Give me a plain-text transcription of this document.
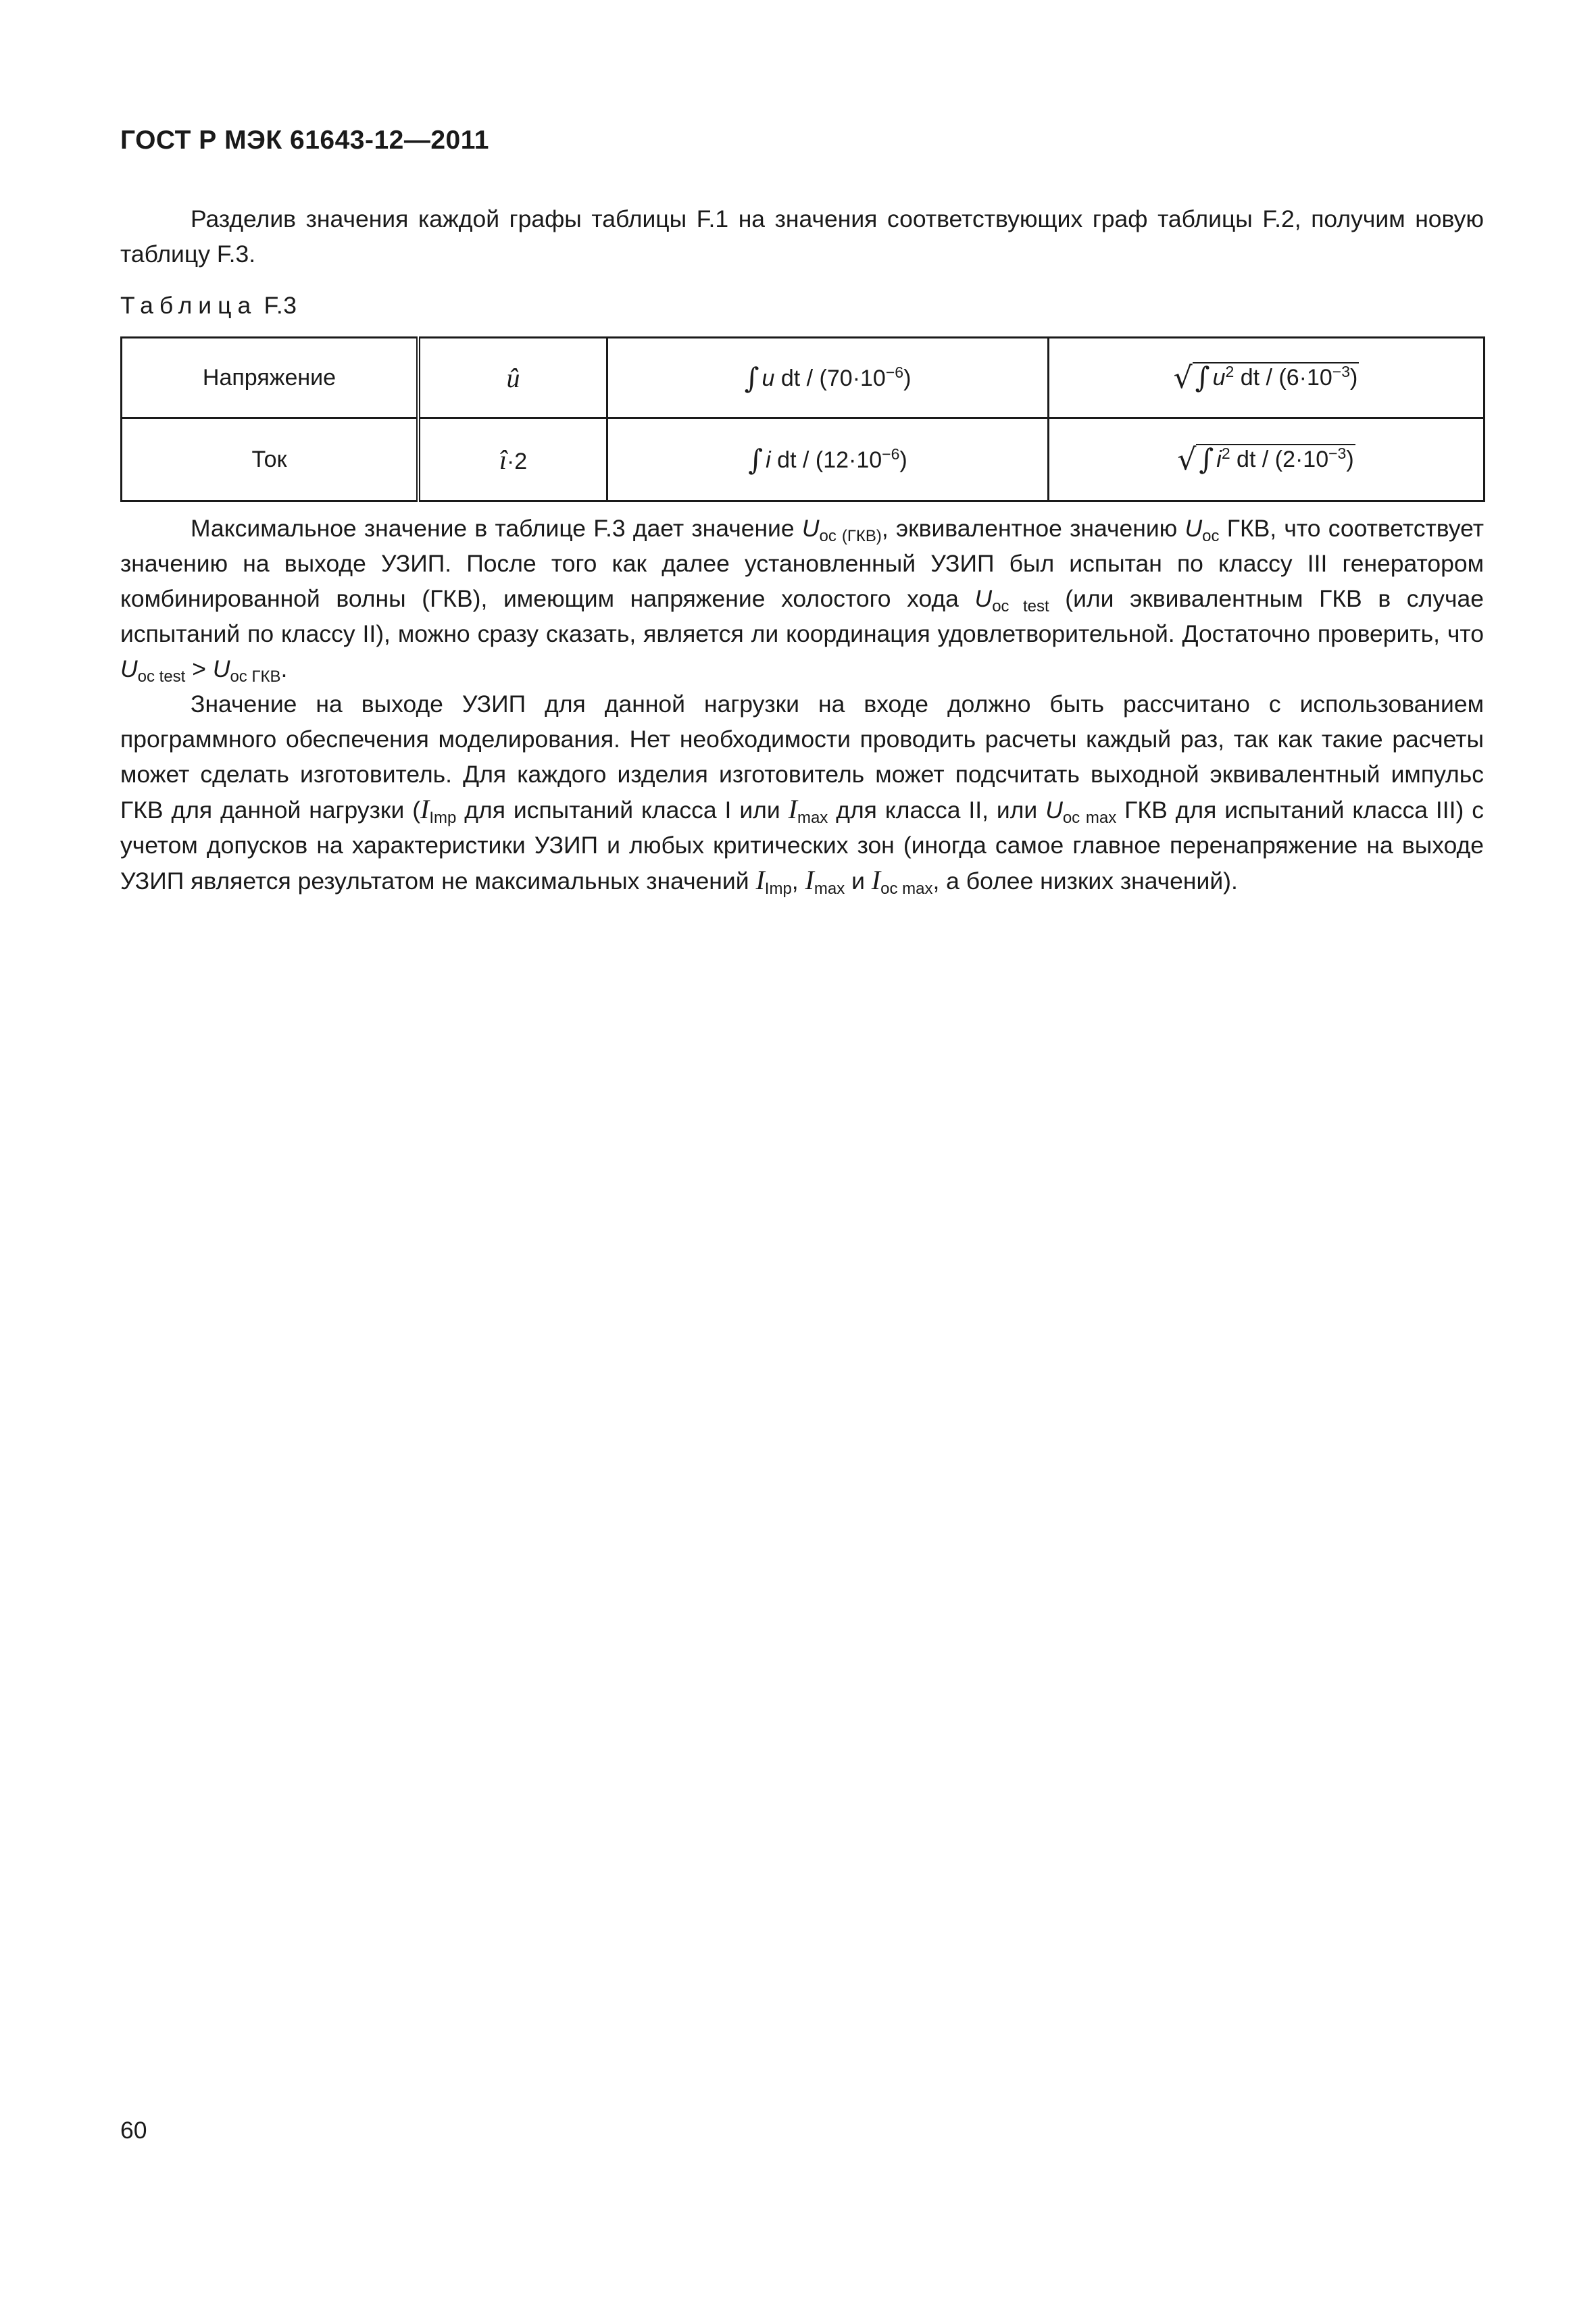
ГОСТ Р МЭК 61643-12—2011

Разделив значения каждой графы таблицы F.1 на значения соответствующих граф таблицы F.2, получим новую таблицу F.3.

Таблица F.3
Напряжение	û	∫ u dt / $(70\cdot 10^{-6})$	√∫ $u^2$ dt / $(6\cdot 10^{-3})$
Ток	î·2	∫ i dt / $(12\cdot 10^{-6})$	√∫ $i^2$ dt / $(2\cdot 10^{-3})$

Максимальное значение в таблице F.3 дает значение $U_{oc (ГКВ)}$, эквивалентное значению $U_{oc}$ ГКВ, что соответствует значению на выходе УЗИП. После того как далее установленный УЗИП был испытан по классу III генератором комбинированной волны (ГКВ), имеющим напряжение холостого хода $U_{oc test}$ (или эквивалентным ГКВ в случае испытаний по классу II), можно сразу сказать, является ли координация удовлетворительной. Достаточно проверить, что $U_{oc test} > U_{oc ГКВ}$.

Значение на выходе УЗИП для данной нагрузки на входе должно быть рассчитано с использованием программного обеспечения моделирования. Нет необходимости проводить расчеты каждый раз, так как такие расчеты может сделать изготовитель. Для каждого изделия изготовитель может подсчитать выходной эквивалентный импульс ГКВ для данной нагрузки ($I_{Imp}$ для испытаний класса I или $I_{max}$ для класса II, или $U_{oc max}$ ГКВ для испытаний класса III) с учетом допусков на характеристики УЗИП и любых критических зон (иногда самое главное перенапряжение на выходе УЗИП является результатом не максимальных значений $I_{Imp}$, $I_{max}$ и $I_{oc max}$, а более низких значений).

60
